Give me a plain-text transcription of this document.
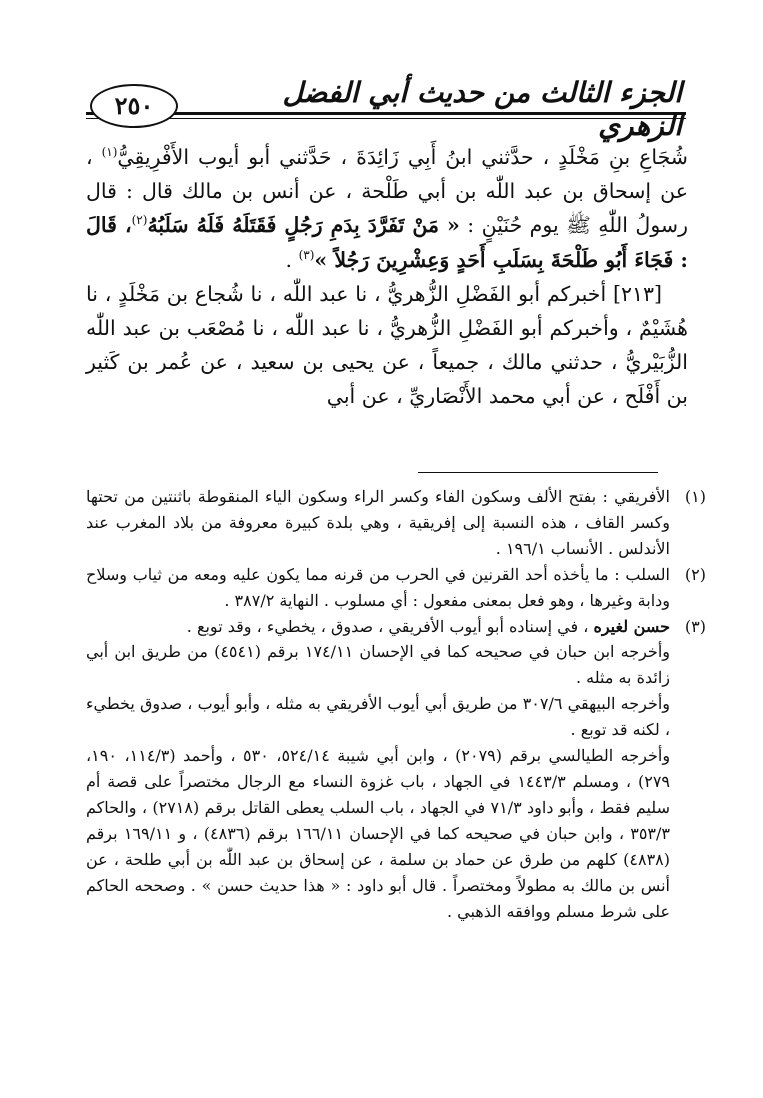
٢٥٠	الجزء الثالث من حديث أبي الفضل الزهري

شُجَاعِ بنِ مَخْلَدٍ ، حدَّثني ابنُ أَبِي زَائِدَةَ ، حَدَّثني أبو أيوب الأَفْرِيقِيُّ$^{(١)}$ ، عن إسحاق بن عبد اللّٰه بن أبي طَلْحة ، عن أنس بن مالك قال : قال رسولُ اللّٰهِ ﷺ يوم حُنَيْنٍ : « مَنْ تَفَرَّدَ بِدَمِ رَجُلٍ فَقَتَلَهُ فَلَهُ سَلَبُهُ$^{(٢)}$، قَالَ : فَجَاءَ أَبُو طَلْحَةَ بِسَلَبِ أَحَدٍ وَعِشْرِينَ رَجُلاً »$^{(٣)}$ .

[٢١٣] أخبركم أبو الفَضْلِ الزُّهريُّ ، نا عبد اللّٰه ، نا شُجاع بن مَخْلَدٍ ، نا هُشَيْمٌ ، وأخبركم أبو الفَضْلِ الزُّهريُّ ، نا عبد اللّٰه ، نا مُصْعَب بن عبد اللّٰه الزُّبَيْريُّ ، حدثني مالك ، جميعاً ، عن يحيى بن سعيد ، عن عُمر بن كَثير بن أَفْلَح ، عن أبي محمد الأَنْصَاريِّ ، عن أبي

(١)
الأفريقي : بفتح الألف وسكون الفاء وكسر الراء وسكون الياء المنقوطة باثنتين من تحتها وكسر القاف ، هذه النسبة إلى إفريقية ، وهي بلدة كبيرة معروفة من بلاد المغرب عند الأندلس . الأنساب ١٩٦/١ .
(٢)
السلب : ما يأخذه أحد القرنين في الحرب من قرنه مما يكون عليه ومعه من ثياب وسلاح ودابة وغيرها ، وهو فعل بمعنى مفعول : أي مسلوب . النهاية ٣٨٧/٢ .
(٣)

حسن لغيره ، في إسناده أبو أيوب الأفريقي ، صدوق ، يخطيء ، وقد توبع .

وأخرجه ابن حبان في صحيحه كما في الإحسان ١٧٤/١١ برقم (٤٥٤١) من طريق ابن أبي زائدة به مثله .

وأخرجه البيهقي ٣٠٧/٦ من طريق أبي أيوب الأفريقي به مثله ، وأبو أيوب ، صدوق يخطيء ، لكنه قد توبع .

وأخرجه الطيالسي برقم (٢٠٧٩) ، وابن أبي شيبة ٥٢٤/١٤، ٥٣٠ ، وأحمد (١١٤/٣، ١٩٠، ٢٧٩) ، ومسلم ١٤٤٣/٣ في الجهاد ، باب غزوة النساء مع الرجال مختصراً على قصة أم سليم فقط ، وأبو داود ٧١/٣ في الجهاد ، باب السلب يعطى القاتل برقم (٢٧١٨) ، والحاكم ٣٥٣/٣ ، وابن حبان في صحيحه كما في الإحسان ١٦٦/١١ برقم (٤٨٣٦) ، و ١٦٩/١١ برقم (٤٨٣٨) كلهم من طرق عن حماد بن سلمة ، عن إسحاق بن عبد اللّٰه بن أبي طلحة ، عن أنس بن مالك به مطولاً ومختصراً . قال أبو داود : « هذا حديث حسن » . وصححه الحاكم على شرط مسلم ووافقه الذهبي .
